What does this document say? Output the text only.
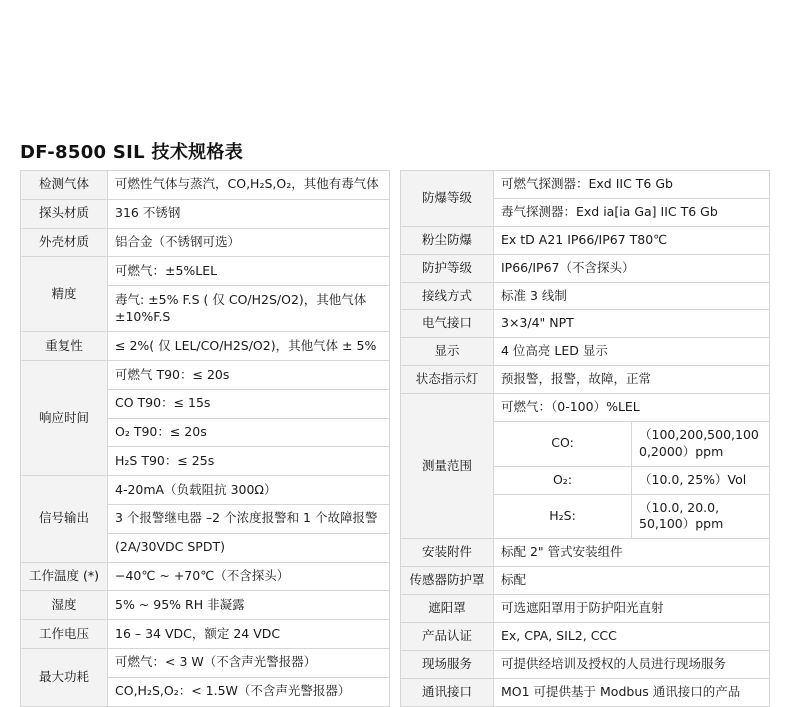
DF-8500 SIL 技术规格表
检测气体	可燃性气体与蒸汽，CO,H₂S,O₂，其他有毒气体
探头材质	316 不锈钢
外壳材质	铝合金（不锈钢可选）
精度	可燃气：±5%LEL
	毒气: ±5% F.S ( 仅 CO/H2S/O2)，其他气体 ±10%F.S
重复性	≤ 2%( 仅 LEL/CO/H2S/O2)，其他气体 ± 5%
响应时间	可燃气 T90：≤ 20s
	CO T90：≤ 15s
	O₂ T90：≤ 20s
	H₂S T90：≤ 25s
信号输出	4-20mA（负载阻抗 300Ω）
	3 个报警继电器 –2 个浓度报警和 1 个故障报警
	(2A/30VDC SPDT)
工作温度 (*)	−40℃ ~ +70℃（不含探头）
湿度	5% ~ 95% RH 非凝露
工作电压	16 – 34 VDC，额定 24 VDC
最大功耗	可燃气：< 3 W（不含声光警报器）
	CO,H₂S,O₂：< 1.5W（不含声光警报器）
防爆等级	可燃气探测器：Exd IIC T6 Gb	
	毒气探测器：Exd ia[ia Ga] IIC T6 Gb	
粉尘防爆	Ex tD A21 IP66/IP67 T80℃	
防护等级	IP66/IP67（不含探头）	
接线方式	标准 3 线制	
电气接口	3×3/4" NPT	
显示	4 位高亮 LED 显示	
状态指示灯	预报警，报警，故障，正常	
测量范围	可燃气：（0-100）%LEL	
	CO:	（100,200,500,1000,2000）ppm
	O₂:	（10.0, 25%）Vol
	H₂S:	（10.0, 20.0, 50,100）ppm
安装附件	标配 2" 管式安装组件	
传感器防护罩	标配	
遮阳罩	可选遮阳罩用于防护阳光直射	
产品认证	Ex, CPA, SIL2, CCC	
现场服务	可提供经培训及授权的人员进行现场服务	
通讯接口	MO1 可提供基于 Modbus 通讯接口的产品	
